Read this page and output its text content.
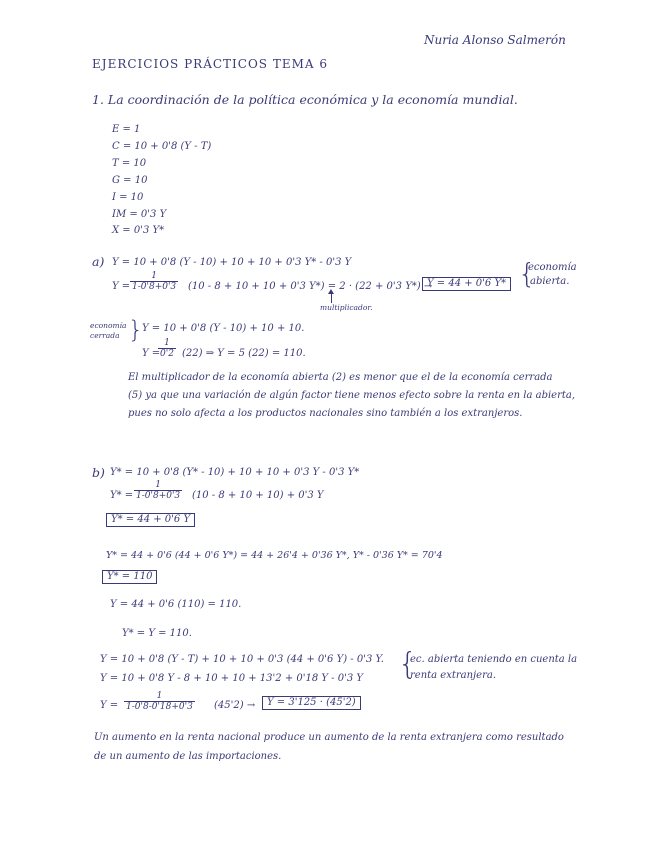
Nuria Alonso Salmerón
EJERCICIOS PRÁCTICOS TEMA 6
1. La coordinación de la política económica y la economía mundial.
E = 1
C = 10 + 0'8 (Y - T)
T = 10
G = 10
I = 10
IM = 0'3 Y
X = 0'3 Y*
a) Y = 10 + 0'8 (Y - 10) + 10 + 10 + 0'3 Y* - 0'3 Y
$Y = \frac{1}{1-0'8+0'3} (10 - 8 + 10 + 10 + 0'3$ Y*) = 2 · (22 + 0'3 Y*) →
Y = 44 + 0'6 Y* {
economía
abierta.
multiplicador.
economía
cerrada }
Y = 10 + 0'8 (Y - 10) + 10 + 10.
Y =
$\frac{1}{0'2} (22)$ ⇒ Y = 5 (22) = 110.
El multiplicador de la economía abierta (2) es menor que el de la economía cerrada
(5) ya que una variación de algún factor tiene menos efecto sobre la renta en la abierta,
pues no solo afecta a los productos nacionales sino también a los extranjeros.
b) Y* = 10 + 0'8 (Y* - 10) + 10 + 10 + 0'3 Y - 0'3 Y*
$Y* = \frac{1}{1-0'8+0'3} (10 - 8 + 10 + 10) + 0'3$ Y
Y* = 44 + 0'6 Y
Y* = 44 + 0'6 (44 + 0'6 Y*) = 44 + 26'4 + 0'36 Y*, Y* - 0'36 Y* = 70'4
Y* = 110
Y = 44 + 0'6 (110) = 110.
Y* = Y = 110.
Y = 10 + 0'8 (Y - T) + 10 + 10 + 0'3 (44 + 0'6 Y) - 0'3 Y.
Y = 10 + 0'8 Y - 8 + 10 + 10 + 13'2 + 0'18 Y - 0'3 Y {
ec. abierta teniendo en cuenta la
renta extranjera.
$Y = \frac{1}{1-0'8-0'18+0'3} (45'2)$ →	Y = 3'125 · (45'2)
Un aumento en la renta nacional produce un aumento de la renta extranjera como resultado
de un aumento de las importaciones.
